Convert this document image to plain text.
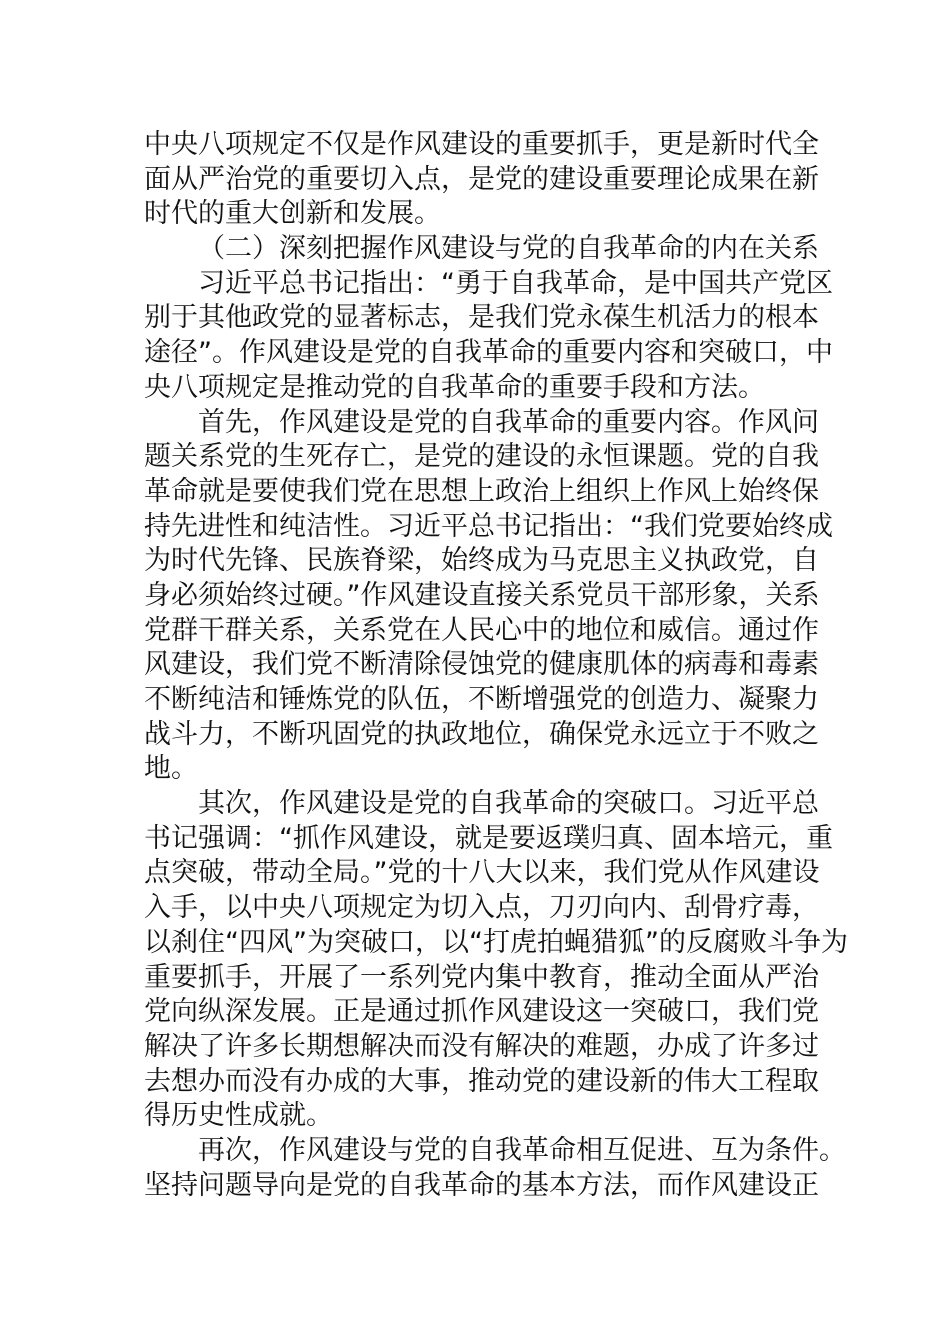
中央八项规定不仅是作风建设的重要抓手，更是新时代全
面从严治党的重要切入点，是党的建设重要理论成果在新
时代的重大创新和发展。
（二）深刻把握作风建设与党的自我革命的内在关系
习近平总书记指出：“勇于自我革命，是中国共产党区
别于其他政党的显著标志，是我们党永葆生机活力的根本
途径”。作风建设是党的自我革命的重要内容和突破口，中
央八项规定是推动党的自我革命的重要手段和方法。
首先，作风建设是党的自我革命的重要内容。作风问
题关系党的生死存亡，是党的建设的永恒课题。党的自我
革命就是要使我们党在思想上政治上组织上作风上始终保
持先进性和纯洁性。习近平总书记指出：“我们党要始终成
为时代先锋、民族脊梁，始终成为马克思主义执政党，自
身必须始终过硬。”作风建设直接关系党员干部形象，关系
党群干群关系，关系党在人民心中的地位和威信。通过作
风建设，我们党不断清除侵蚀党的健康肌体的病毒和毒素
不断纯洁和锤炼党的队伍，不断增强党的创造力、凝聚力
战斗力，不断巩固党的执政地位，确保党永远立于不败之
地。
其次，作风建设是党的自我革命的突破口。习近平总
书记强调：“抓作风建设，就是要返璞归真、固本培元，重
点突破，带动全局。”党的十八大以来，我们党从作风建设
入手，以中央八项规定为切入点，刀刃向内、刮骨疗毒，
以刹住“四风”为突破口，以“打虎拍蝇猎狐”的反腐败斗争为
重要抓手，开展了一系列党内集中教育，推动全面从严治
党向纵深发展。正是通过抓作风建设这一突破口，我们党
解决了许多长期想解决而没有解决的难题，办成了许多过
去想办而没有办成的大事，推动党的建设新的伟大工程取
得历史性成就。
再次，作风建设与党的自我革命相互促进、互为条件。
坚持问题导向是党的自我革命的基本方法，而作风建设正
